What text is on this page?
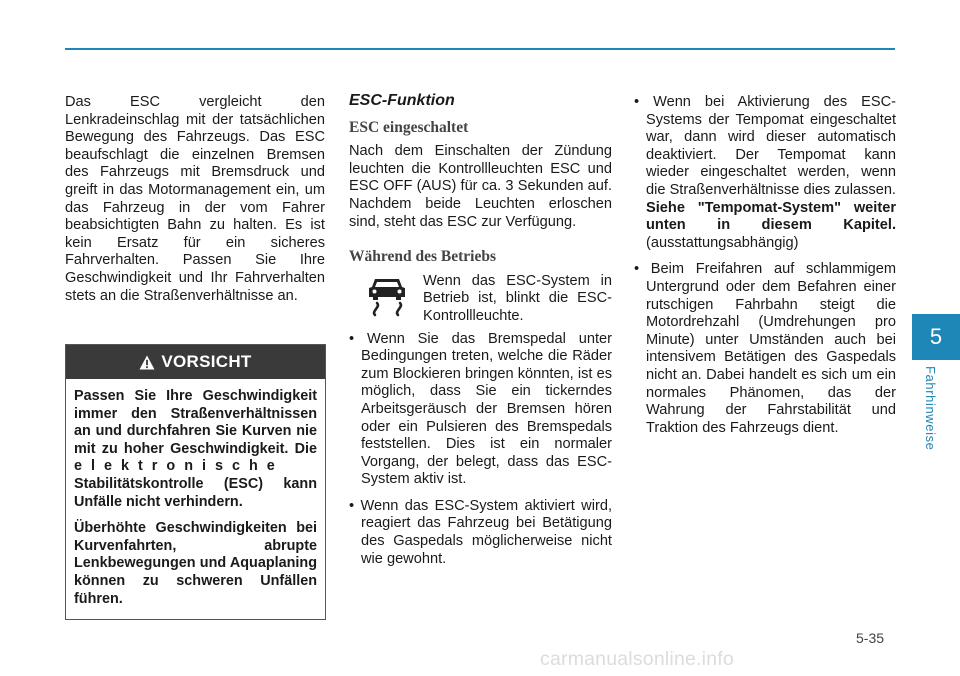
Das ESC vergleicht den Lenkradeinschlag mit der tatsächlichen Bewegung des Fahrzeugs. Das ESC beaufschlagt die einzelnen Bremsen des Fahrzeugs mit Bremsdruck und greift in das Motormanagement ein, um das Fahrzeug in der vom Fahrer beabsichtigten Bahn zu halten. Es ist kein Ersatz für ein sicheres Fahrverhalten. Passen Sie Ihre Geschwindigkeit und Ihr Fahrverhalten stets an die Straßenverhältnisse an.

VORSICHT

Passen Sie Ihre Geschwindigkeit immer den Straßenverhältnissen an und durchfahren Sie Kurven nie mit zu hoher Geschwindigkeit. Die elektronische Stabilitätskontrolle (ESC) kann Unfälle nicht verhindern.

Überhöhte Geschwindigkeiten bei Kurvenfahrten, abrupte Lenkbewegungen und Aquaplaning können zu schweren Unfällen führen.

ESC-Funktion

ESC eingeschaltet

Nach dem Einschalten der Zündung leuchten die Kontrollleuchten ESC und ESC OFF (AUS) für ca. 3 Sekunden auf. Nachdem beide Leuchten erloschen sind, steht das ESC zur Verfügung.

Während des Betriebs

Wenn das ESC-System in Betrieb ist, blinkt die ESC-Kontrollleuchte.

• Wenn Sie das Bremspedal unter Bedingungen treten, welche die Räder zum Blockieren bringen könnten, ist es möglich, dass Sie ein tickerndes Arbeitsgeräusch der Bremsen hören oder ein Pulsieren des Bremspedals feststellen. Dies ist ein normaler Vorgang, der belegt, dass das ESC-System aktiv ist.

• Wenn das ESC-System aktiviert wird, reagiert das Fahrzeug bei Betätigung des Gaspedals möglicherweise nicht wie gewohnt.

• Wenn bei Aktivierung des ESC-Systems der Tempomat eingeschaltet war, dann wird dieser automatisch deaktiviert. Der Tempomat kann wieder eingeschaltet werden, wenn die Straßenverhältnisse dies zulassen. Siehe "Tempomat-System" weiter unten in diesem Kapitel. (ausstattungsabhängig)

• Beim Freifahren auf schlammigem Untergrund oder dem Befahren einer rutschigen Fahrbahn steigt die Motordrehzahl (Umdrehungen pro Minute) unter Umständen auch bei intensivem Betätigen des Gaspedals nicht an. Dabei handelt es sich um ein normales Phänomen, das der Wahrung der Fahrstabilität und Traktion des Fahrzeugs dient.

5
Fahrhinweise
5-35
carmanualsonline.info
